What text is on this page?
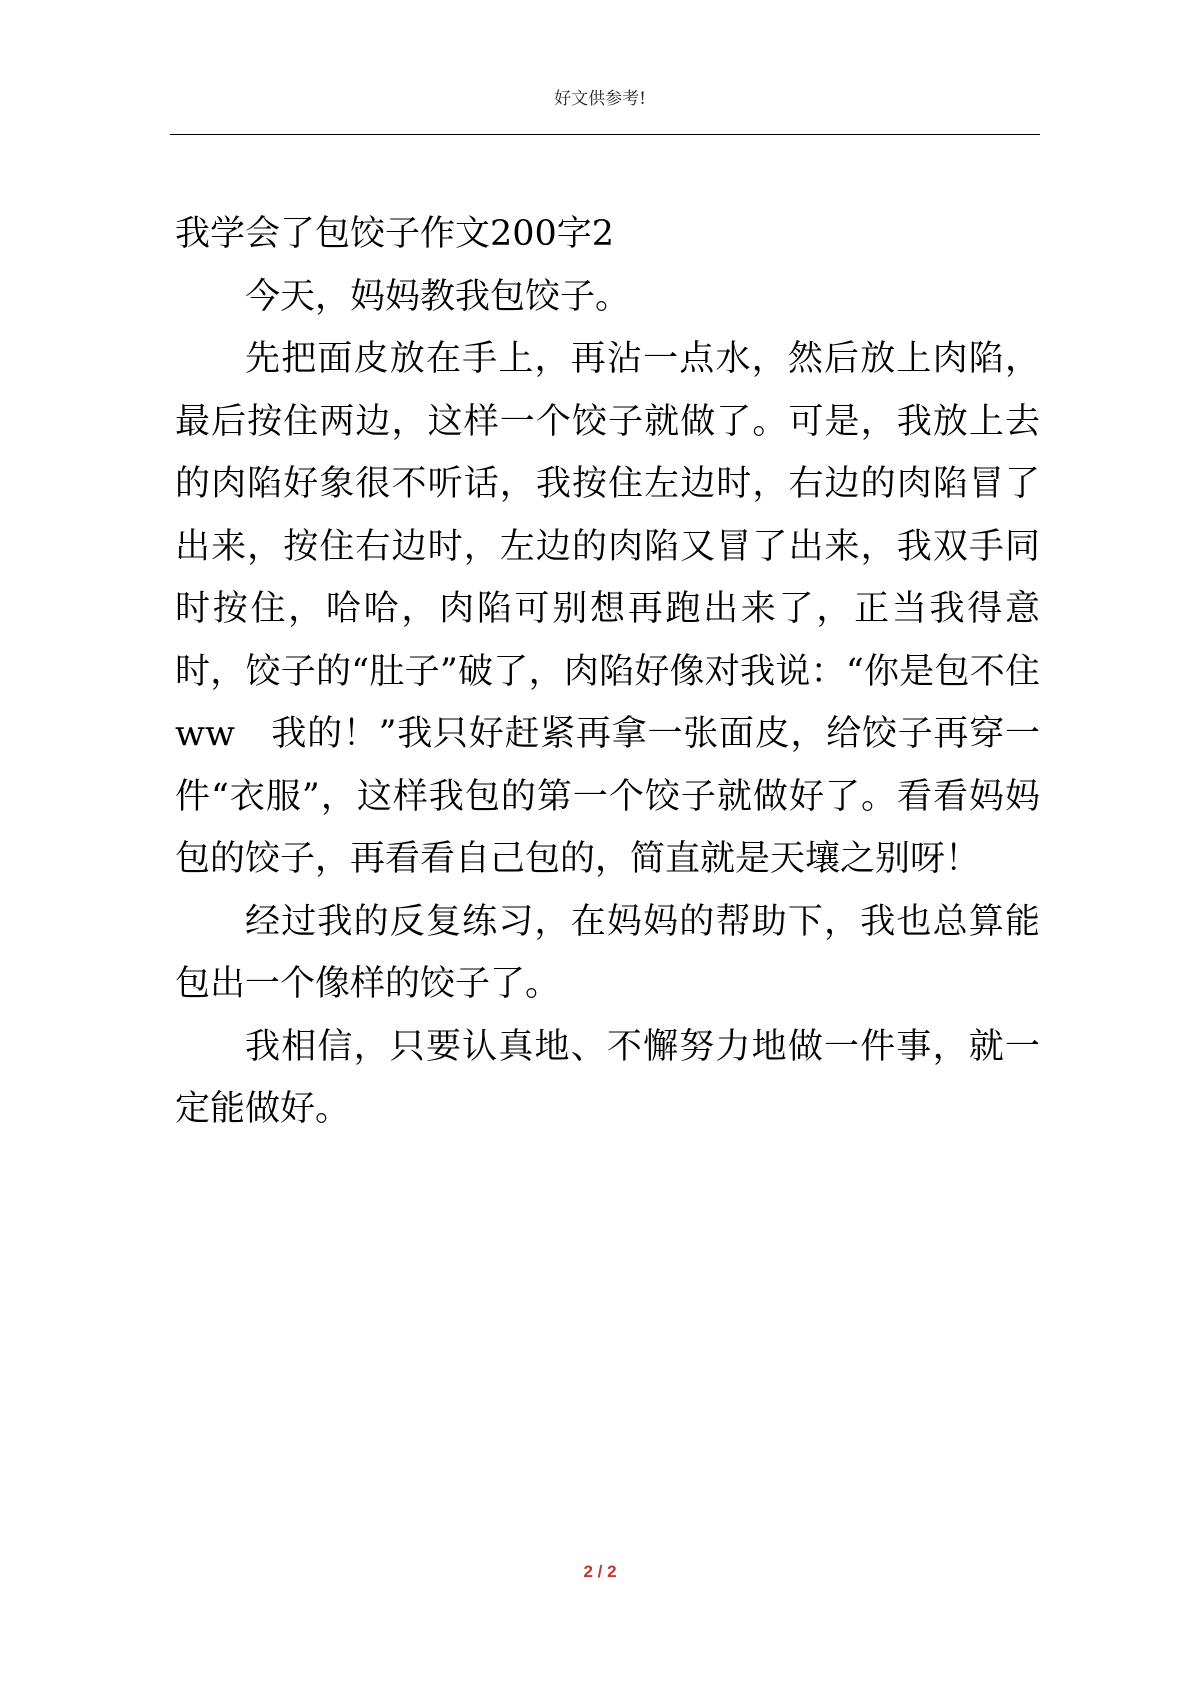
好文供参考!
我学会了包饺子作文200字2

今天，妈妈教我包饺子。

先把面皮放在手上，再沾一点水，然后放上肉陷，最后按住两边，这样一个饺子就做了。可是，我放上去的肉陷好象很不听话，我按住左边时，右边的肉陷冒了出来，按住右边时，左边的肉陷又冒了出来，我双手同时按住，哈哈，肉陷可别想再跑出来了，正当我得意时，饺子的“肚子”破了，肉陷好像对我说：“你是包不住ww　我的！”我只好赶紧再拿一张面皮，给饺子再穿一件“衣服”，这样我包的第一个饺子就做好了。看看妈妈包的饺子，再看看自己包的，简直就是天壤之别呀！

经过我的反复练习，在妈妈的帮助下，我也总算能包出一个像样的饺子了。

我相信，只要认真地、不懈努力地做一件事，就一定能做好。

2 / 2
